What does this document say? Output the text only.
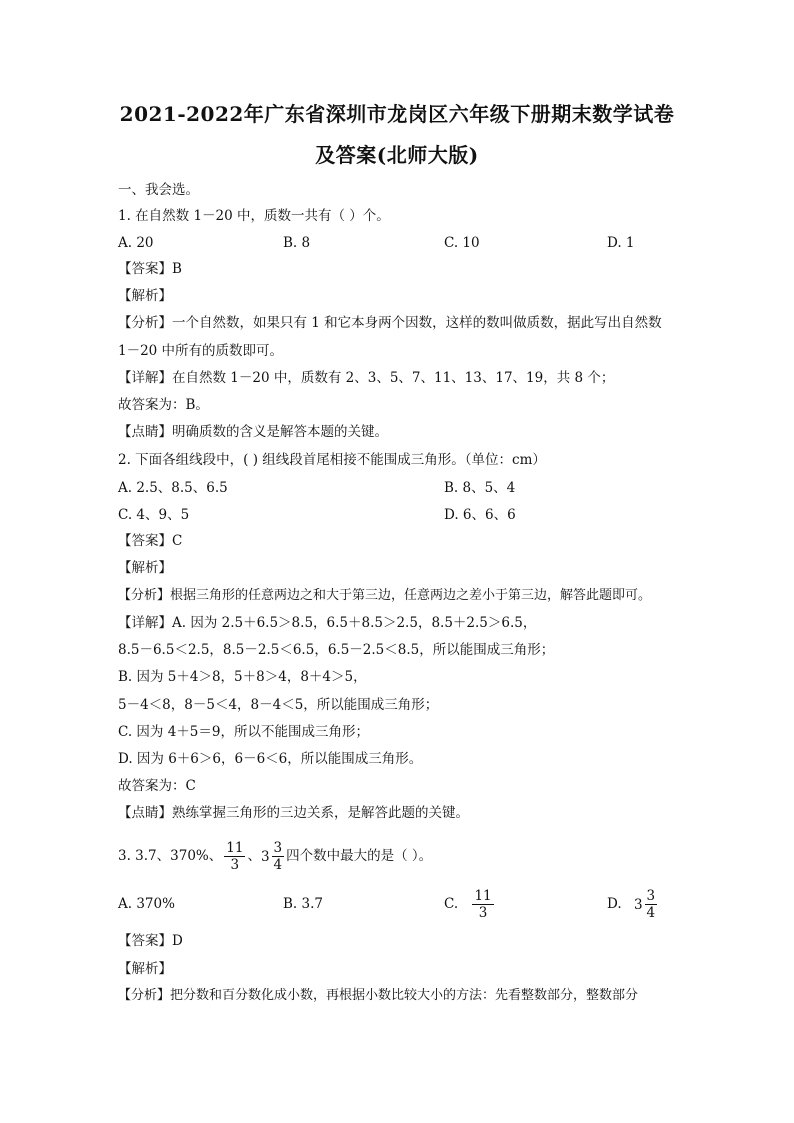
2021-2022年广东省深圳市龙岗区六年级下册期末数学试卷
及答案(北师大版)
一、我会选。
1. 在自然数 1－20 中，质数一共有（ ）个。
A. 20	B. 8	C. 10	D. 1
【答案】B
【解析】
【分析】一个自然数，如果只有 1 和它本身两个因数，这样的数叫做质数，据此写出自然数
1－20 中所有的质数即可。
【详解】在自然数 1－20 中，质数有 2、3、5、7、11、13、17、19，共 8 个；
故答案为：B。
【点睛】明确质数的含义是解答本题的关键。
2. 下面各组线段中，( ) 组线段首尾相接不能围成三角形。（单位：cm）
A. 2.5、8.5、6.5	B. 8、5、4
C. 4、9、5	D. 6、6、6
【答案】C
【解析】
【分析】根据三角形的任意两边之和大于第三边，任意两边之差小于第三边，解答此题即可。
【详解】A. 因为 2.5＋6.5＞8.5，6.5＋8.5＞2.5，8.5＋2.5＞6.5，
8.5－6.5＜2.5，8.5－2.5＜6.5，6.5－2.5＜8.5，所以能围成三角形；
B. 因为 5＋4＞8，5＋8＞4，8＋4＞5，
5－4＜8，8－5＜4，8－4＜5，所以能围成三角形；
C. 因为 4＋5＝9，所以不能围成三角形；
D. 因为 6＋6＞6，6－6＜6，所以能围成三角形。
故答案为：C
【点睛】熟练掌握三角形的三边关系，是解答此题的关键。
3. 3.7、370%、 $\frac{11}{3}$ 、$3 \frac{3}{4}$ 四个数中最大的是（ ）。
A. 370%	B. 3.7	C. $\frac{11}{3}$	D. $3 \frac{3}{4}$
【答案】D
【解析】
【分析】把分数和百分数化成小数，再根据小数比较大小的方法：先看整数部分，整数部分
